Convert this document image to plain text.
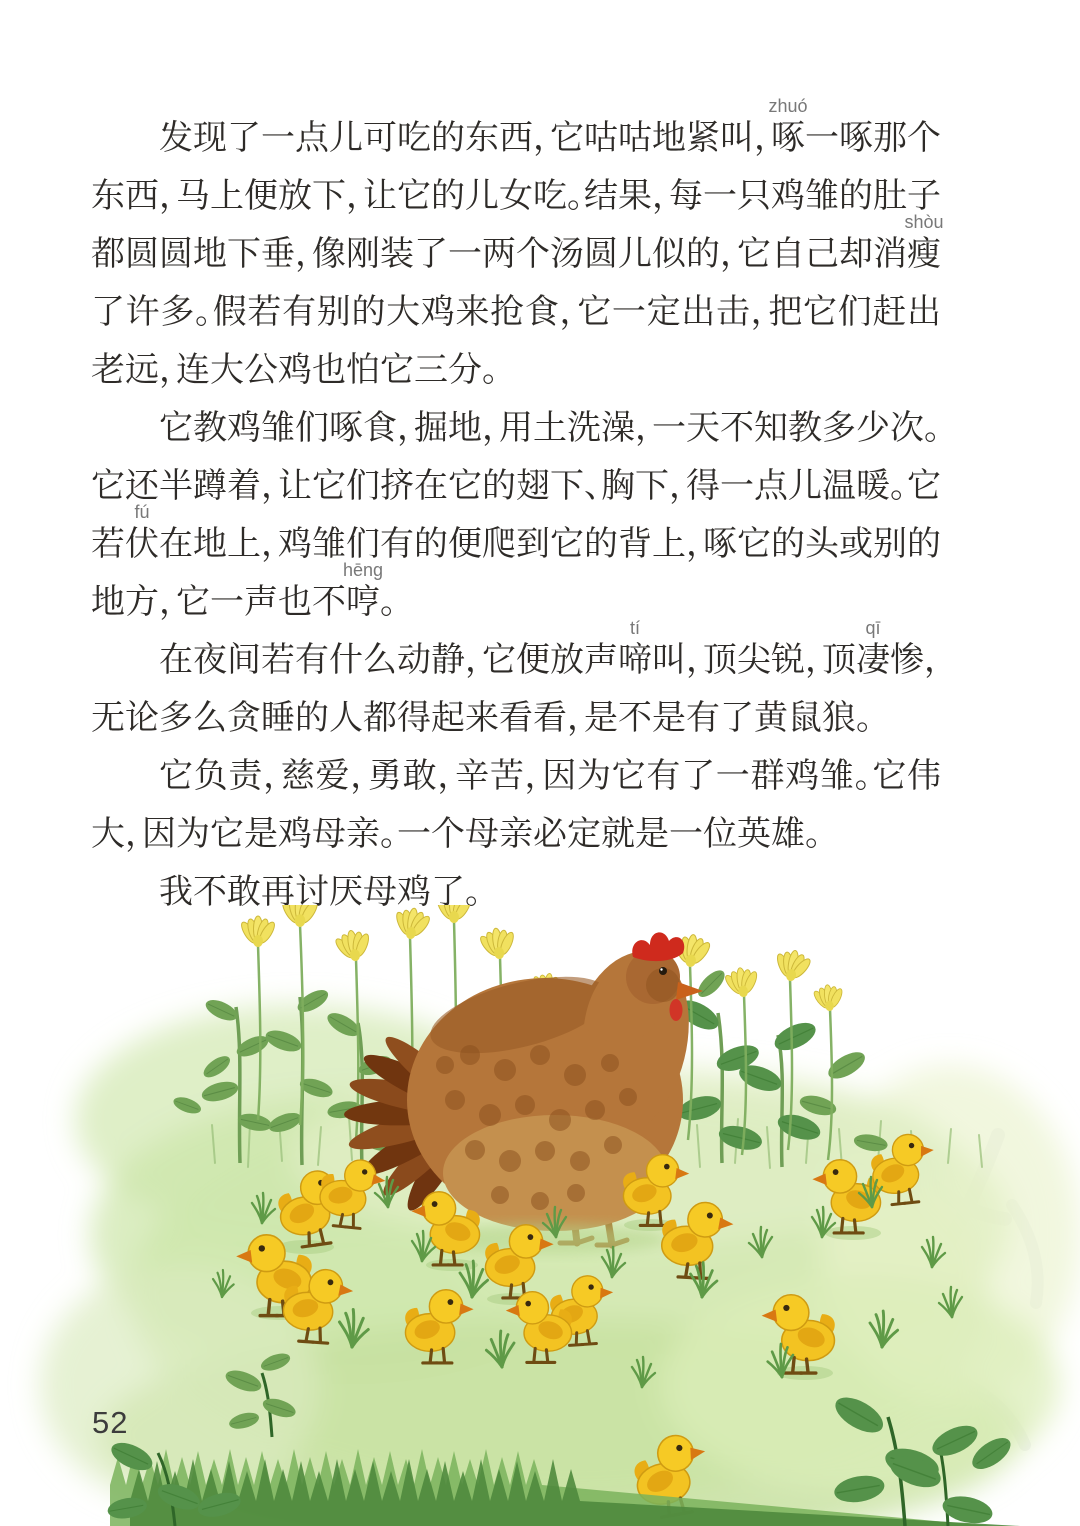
发现了一点儿可吃的东西，它咕咕地紧叫，
zhuó
啄一啄那个东西，马上便放下，让它的儿女吃。结果，每一只鸡雏的肚子都圆圆地下垂，像刚装了一两个汤圆儿似的，它自己却消
shòu
瘦了许多。假若有别的大鸡来抢食，它一定出击，把它们赶出老远，连大公鸡也怕它三分。

它教鸡雏们啄食，掘地，用土洗澡，一天不知教多少次。它还半蹲着，让它们挤在它的翅下、胸下，得一点儿温暖。它若
fú
伏在地上，鸡雏们有的便爬到它的背上，啄它的头或别的地方，它一声也不
hēng
哼。

在夜间若有什么动静，它便放声
tí
啼叫，顶尖锐，顶
qī
凄惨，无论多么贪睡的人都得起来看看，是不是有了黄鼠狼。

它负责，慈爱，勇敢，辛苦，因为它有了一群鸡雏。它伟大，因为它是鸡母亲。一个母亲必定就是一位英雄。

我不敢再讨厌母鸡了。

52
